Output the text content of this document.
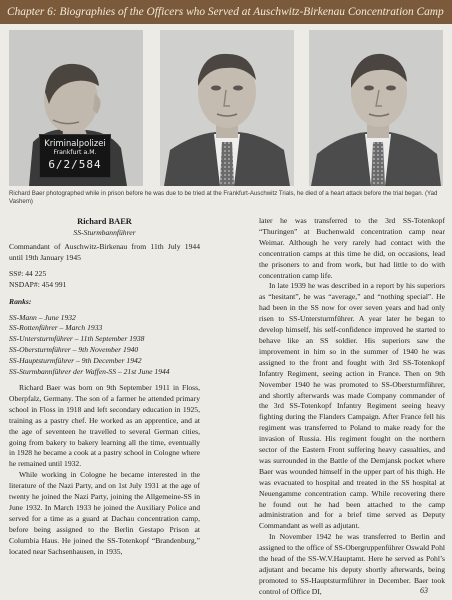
Chapter 6: Biographies of the Officers who Served at Auschwitz-Birkenau Concentration Camp
Kriminalpolizei
Frankfurt a.M.
6/2/584
Richard Baer photographed while in prison before he was due to be tried at the Frankfurt-Auschwitz Trials, he died of a heart attack before the trial began. (Yad Vashem)
Richard BAER
SS-Sturmbannführer
Commandant of Auschwitz-Birkenau from 11th July 1944 until 19th January 1945
SS#: 44 225
NSDAP#: 454 991
Ranks:
SS-Mann – June 1932
SS-Rottenführer – March 1933
SS-Untersturmführer – 11th September 1938
SS-Obersturmführer – 9th November 1940
SS-Hauptsturmführer – 9th December 1942
SS-Sturmbannführer der Waffen-SS – 21st June 1944
Richard Baer was born on 9th September 1911 in Floss, Oberpfalz, Germany. The son of a farmer he attended primary school in Floss in 1918 and left secondary education in 1925, training as a pastry chef. He worked as an apprentice, and at the age of seventeen he travelled to several German cities, going from bakery to bakery learning all the time, eventually in 1928 he became a cook at a pastry school in Cologne where he remained until 1932.
While working in Cologne he became interested in the literature of the Nazi Party, and on 1st July 1931 at the age of twenty he joined the Nazi Party, joining the Allgemeine-SS in June 1932. In March 1933 he joined the Auxiliary Police and served for a time as a guard at Dachau concentration camp, before being assigned to the Berlin Gestapo Prison at Columbia Haus. He joined the SS-Totenkopf “Brandenburg,” located near Sachsenhausen, in 1935,
later he was transferred to the 3rd SS-Totenkopf “Thuringen” at Buchenwald concentration camp near Weimar. Although he very rarely had contact with the concentration camps at this time he did, on occasions, lead the prisoners to and from work, but had little to do with concentration camp life.
In late 1939 he was described in a report by his superiors as “hesitant”, he was “average,” and “nothing special”. He had been in the SS now for over seven years and had only risen to SS-Untersturmführer. A year later he began to develop himself, his self-confidence improved he started to behave like an SS soldier. His superiors saw the improvement in him so in the summer of 1940 he was assigned to the front and fought with 3rd SS-Totenkopf Infantry Regiment, seeing action in France. Then on 9th November 1940 he was promoted to SS-Obersturmführer, and shortly afterwards was made Company commander of the 3rd SS-Totenkopf Infantry Regiment seeing heavy fighting during the Flanders Campaign. After France fell his regiment was transferred to Poland to make ready for the invasion of Russia. His regiment fought on the northern sector of the Eastern Front suffering heavy casualties, and was surrounded in the Battle of the Demjansk pocket where Baer was wounded himself in the upper part of his thigh. He was evacuated to hospital and treated in the SS hospital at Neuengamme concentration camp. While recovering there he found out he had been attached to the camp administration and for a brief time served as Deputy Commandant as well as adjutant.
In November 1942 he was transferred to Berlin and assigned to the office of SS-Obergruppenführer Oswald Pohl the head of the SS-W.V.Hauptamt. Here he served as Pohl’s adjutant and became his deputy shortly afterwards, being promoted to SS-Hauptsturmführer in December. Baer took control of Office DI,	63
